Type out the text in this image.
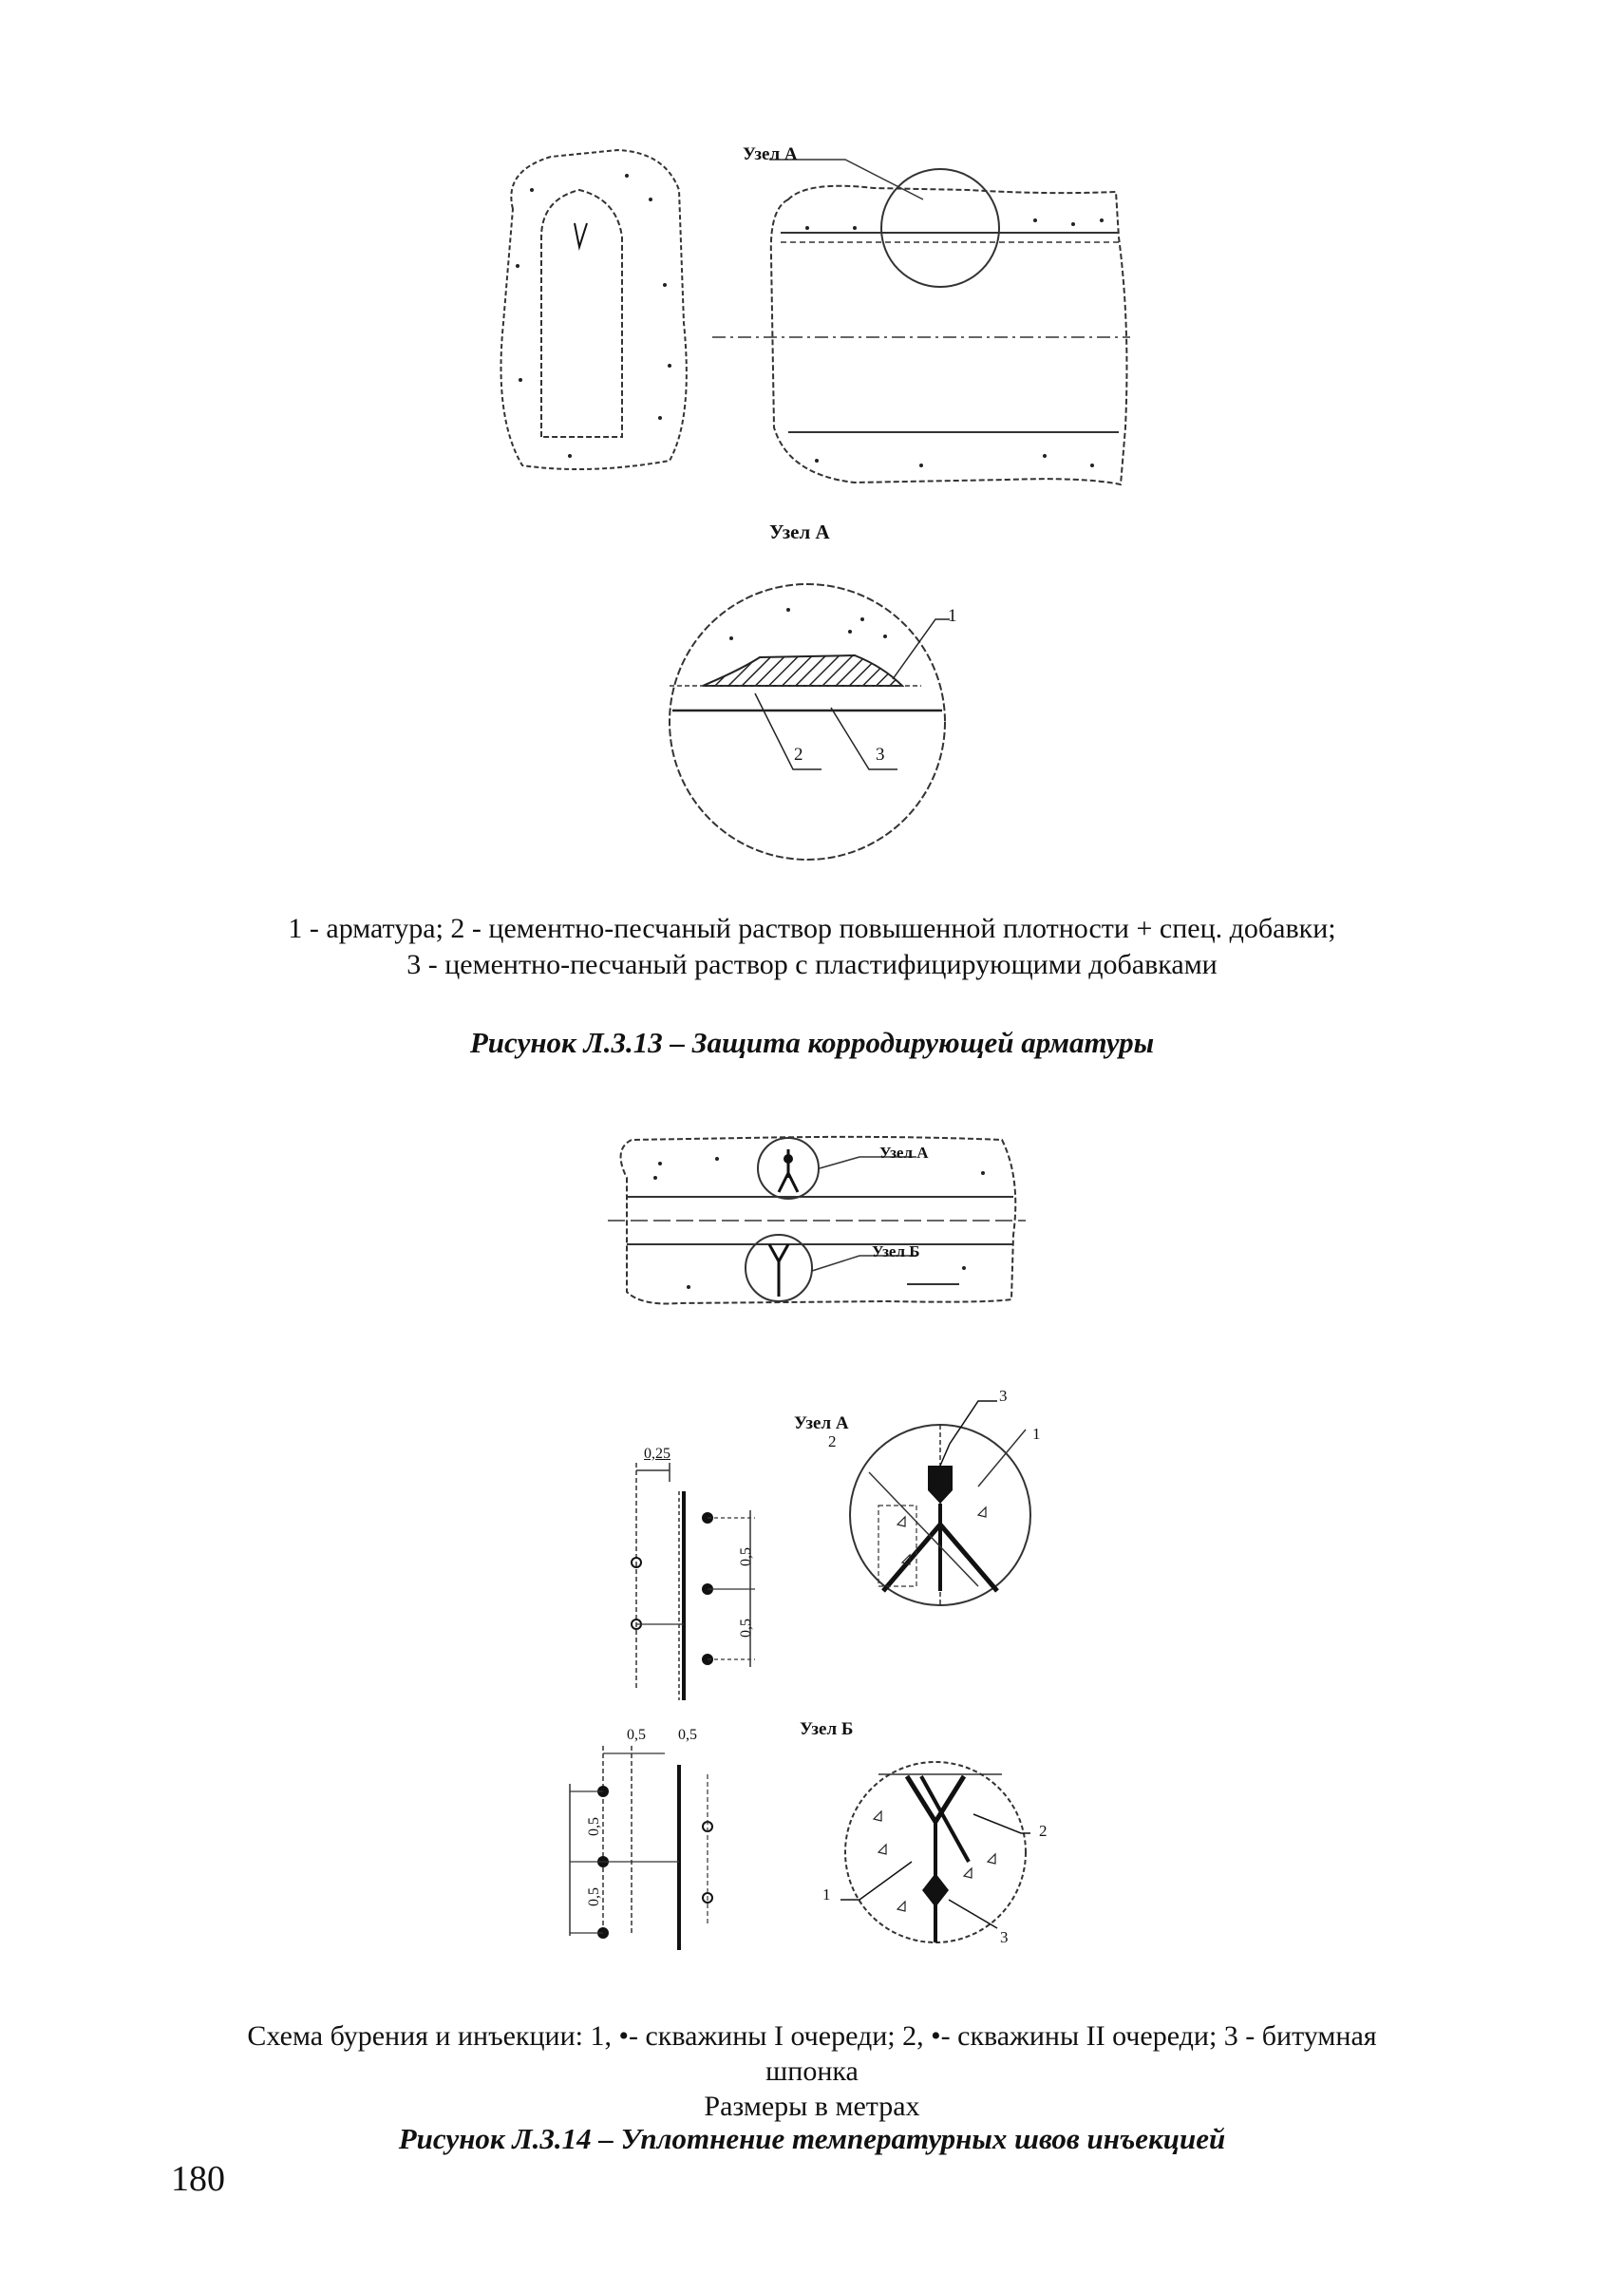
Узел А
Узел А
1
2	3
1 - арматура; 2 - цементно-песчаный раствор повышенной плотности + спец. добавки;
3 - цементно-песчаный раствор с пластифицирующими добавками
Рисунок Л.3.13 – Защита корродирующей арматуры
Узел А
Узел Б
0,25
0,5
0,5
Узел А
1
2
3
0,5 0,5
0,5
0,5
Узел Б
1
2
3
Схема бурения и инъекции: 1, •- скважины I очереди; 2, •- скважины II очереди; 3 - битумная
шпонка
Размеры в метрах
Рисунок Л.3.14 – Уплотнение температурных швов инъекцией
180
